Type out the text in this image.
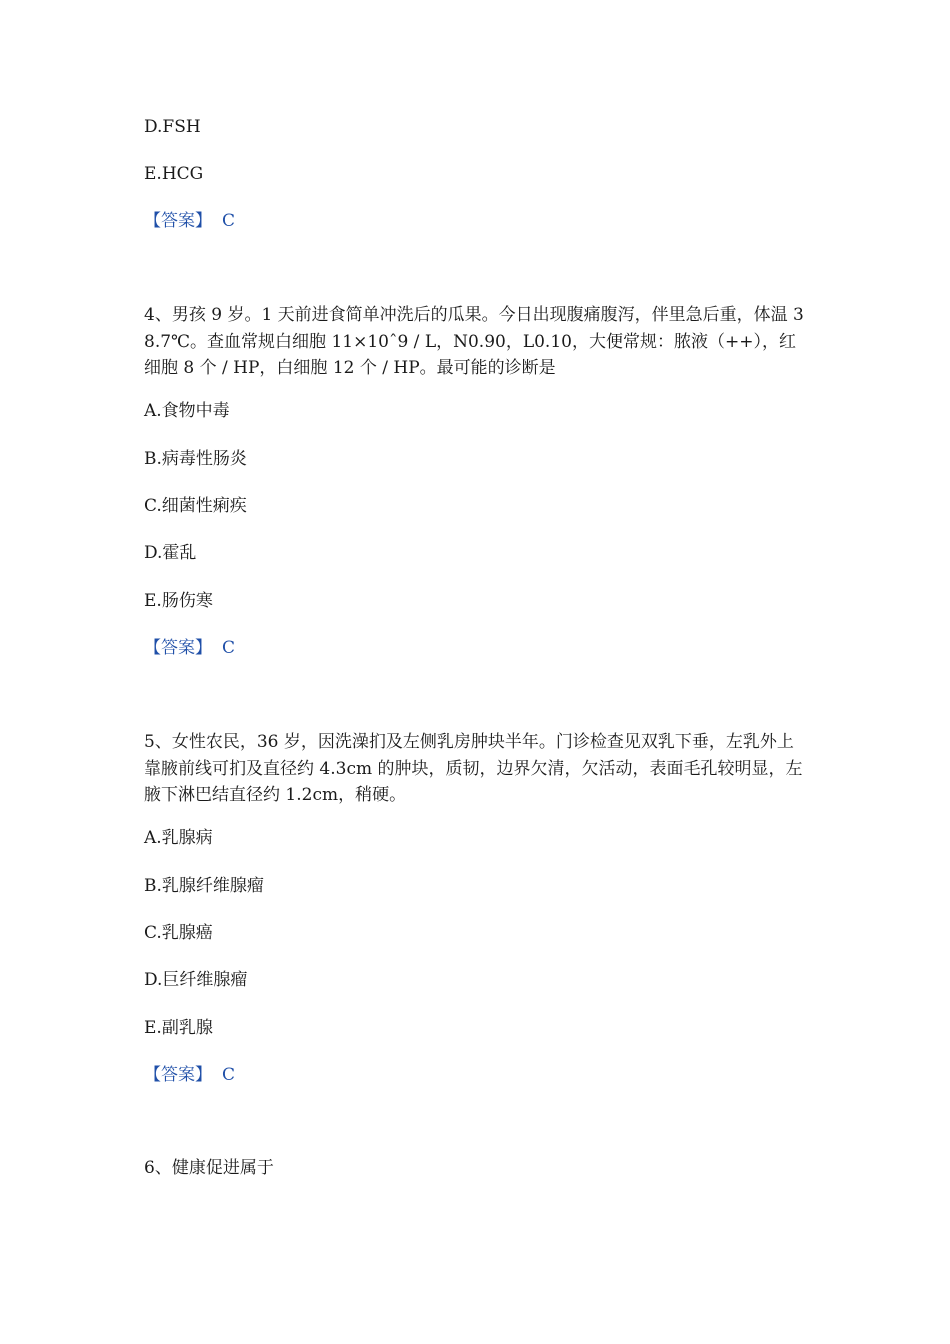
D.FSH
E.HCG
【答案】 C
4、男孩 9 岁。1 天前进食简单冲洗后的瓜果。今日出现腹痛腹泻，伴里急后重，体温 38.7℃。查血常规白细胞 11×10ˆ9 / L，N0.90，L0.10，大便常规：脓液（++），红细胞 8 个 / HP，白细胞 12 个 / HP。最可能的诊断是
A.食物中毒
B.病毒性肠炎
C.细菌性痢疾
D.霍乱
E.肠伤寒
【答案】 C
5、女性农民，36 岁，因洗澡扪及左侧乳房肿块半年。门诊检查见双乳下垂，左乳外上靠腋前线可扪及直径约 4.3cm 的肿块，质韧，边界欠清，欠活动，表面毛孔较明显，左腋下淋巴结直径约 1.2cm，稍硬。
A.乳腺病
B.乳腺纤维腺瘤
C.乳腺癌
D.巨纤维腺瘤
E.副乳腺
【答案】 C
6、健康促进属于
